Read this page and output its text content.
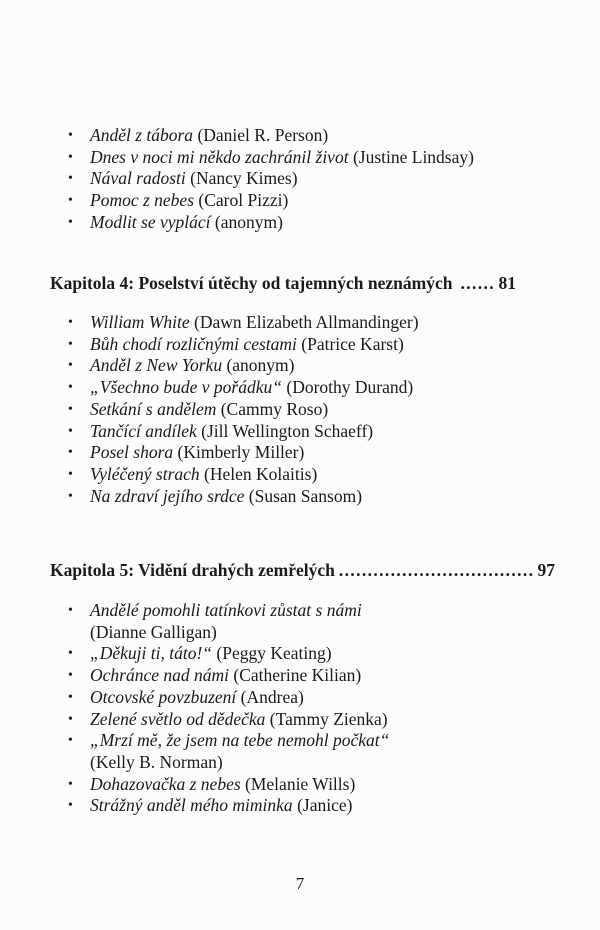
• Anděl z tábora (Daniel R. Person)
• Dnes v noci mi někdo zachránil život (Justine Lindsay)
• Nával radosti (Nancy Kimes)
• Pomoc z nebes (Carol Pizzi)
• Modlit se vyplácí (anonym)
Kapitola 4: Poselství útěchy od tajemných neznámých . . .	81
• William White (Dawn Elizabeth Allmandinger)
• Bůh chodí rozličnými cestami (Patrice Karst)
• Anděl z New Yorku (anonym)
• „Všechno bude v pořádku“ (Dorothy Durand)
• Setkání s andělem (Cammy Roso)
• Tančící andílek (Jill Wellington Schaeff)
• Posel shora (Kimberly Miller)
• Vyléčený strach (Helen Kolaitis)
• Na zdraví jejího srdce (Susan Sansom)
Kapitola 5: Vidění drahých zemřelých . . .	97
• Andělé pomohli tatínkovi zůstat s námi
(Dianne Galligan)
• „Děkuji ti, táto!“ (Peggy Keating)
• Ochránce nad námi (Catherine Kilian)
• Otcovské povzbuzení (Andrea)
• Zelené světlo od dědečka (Tammy Zienka)
• „Mrzí mě, že jsem na tebe nemohl počkat“
(Kelly B. Norman)
• Dohazovačka z nebes (Melanie Wills)
• Strážný anděl mého miminka (Janice)
7
